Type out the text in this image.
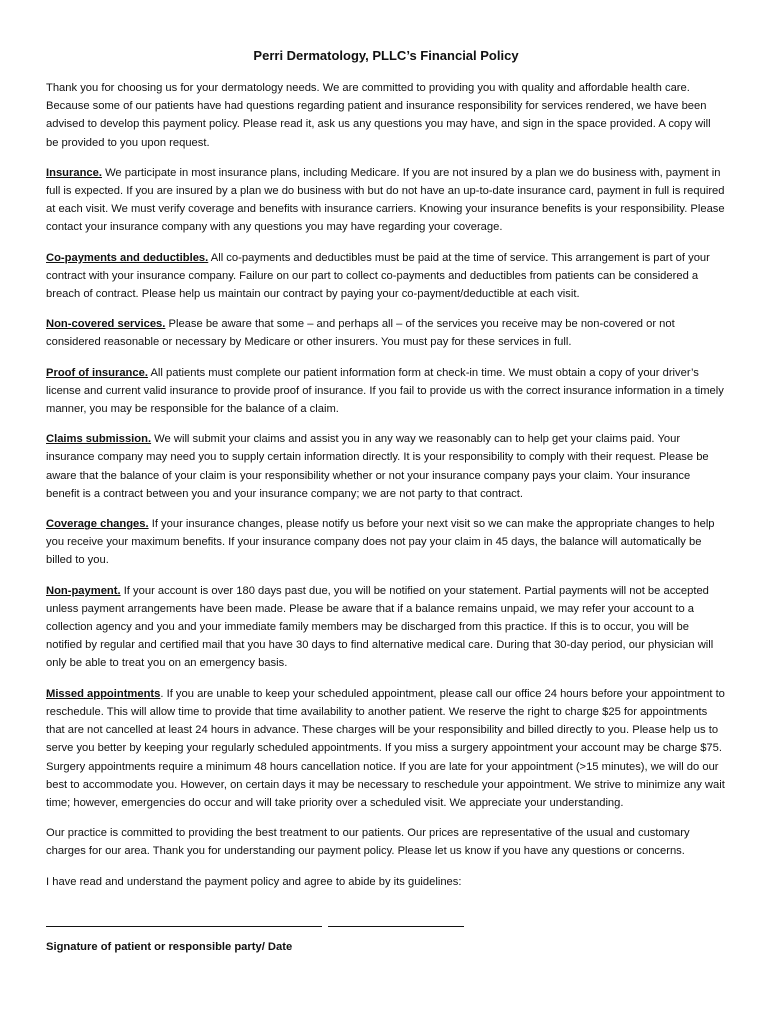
Perri Dermatology, PLLC’s Financial Policy

Thank you for choosing us for your dermatology needs. We are committed to providing you with quality and affordable health care. Because some of our patients have had questions regarding patient and insurance responsibility for services rendered, we have been advised to develop this payment policy. Please read it, ask us any questions you may have, and sign in the space provided. A copy will be provided to you upon request.

Insurance. We participate in most insurance plans, including Medicare. If you are not insured by a plan we do business with, payment in full is expected. If you are insured by a plan we do business with but do not have an up-to-date insurance card, payment in full is required at each visit. We must verify coverage and benefits with insurance carriers. Knowing your insurance benefits is your responsibility. Please contact your insurance company with any questions you may have regarding your coverage.

Co-payments and deductibles. All co-payments and deductibles must be paid at the time of service. This arrangement is part of your contract with your insurance company. Failure on our part to collect co-payments and deductibles from patients can be considered a breach of contract. Please help us maintain our contract by paying your co-payment/deductible at each visit.

Non-covered services. Please be aware that some – and perhaps all – of the services you receive may be non-covered or not considered reasonable or necessary by Medicare or other insurers. You must pay for these services in full.

Proof of insurance. All patients must complete our patient information form at check-in time. We must obtain a copy of your driver’s license and current valid insurance to provide proof of insurance. If you fail to provide us with the correct insurance information in a timely manner, you may be responsible for the balance of a claim.

Claims submission. We will submit your claims and assist you in any way we reasonably can to help get your claims paid. Your insurance company may need you to supply certain information directly. It is your responsibility to comply with their request. Please be aware that the balance of your claim is your responsibility whether or not your insurance company pays your claim. Your insurance benefit is a contract between you and your insurance company; we are not party to that contract.

Coverage changes. If your insurance changes, please notify us before your next visit so we can make the appropriate changes to help you receive your maximum benefits. If your insurance company does not pay your claim in 45 days, the balance will automatically be billed to you.

Non-payment. If your account is over 180 days past due, you will be notified on your statement. Partial payments will not be accepted unless payment arrangements have been made. Please be aware that if a balance remains unpaid, we may refer your account to a collection agency and you and your immediate family members may be discharged from this practice. If this is to occur, you will be notified by regular and certified mail that you have 30 days to find alternative medical care. During that 30-day period, our physician will only be able to treat you on an emergency basis.

Missed appointments. If you are unable to keep your scheduled appointment, please call our office 24 hours before your appointment to reschedule. This will allow time to provide that time availability to another patient. We reserve the right to charge $25 for appointments that are not cancelled at least 24 hours in advance. These charges will be your responsibility and billed directly to you. Please help us to serve you better by keeping your regularly scheduled appointments. If you miss a surgery appointment your account may be charge $75. Surgery appointments require a minimum 48 hours cancellation notice. If you are late for your appointment (>15 minutes), we will do our best to accommodate you. However, on certain days it may be necessary to reschedule your appointment. We strive to minimize any wait time; however, emergencies do occur and will take priority over a scheduled visit. We appreciate your understanding.

Our practice is committed to providing the best treatment to our patients. Our prices are representative of the usual and customary charges for our area. Thank you for understanding our payment policy. Please let us know if you have any questions or concerns.

I have read and understand the payment policy and agree to abide by its guidelines:

Signature of patient or responsible party/ Date
